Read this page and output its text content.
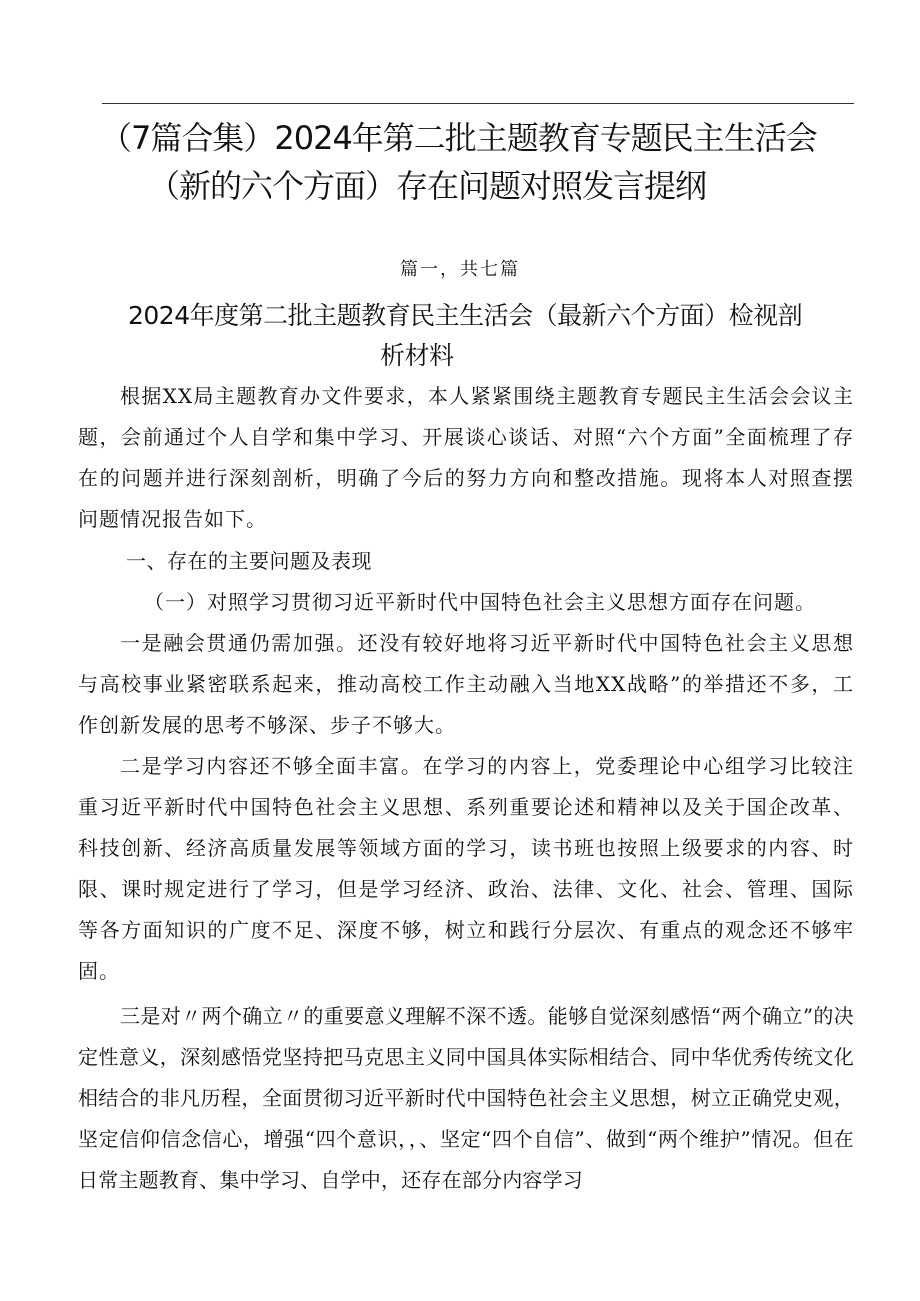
（7篇合集）2024年第二批主题教育专题民主生活会
（新的六个方面）存在问题对照发言提纲
篇一，共七篇
2024年度第二批主题教育民主生活会（最新六个方面）检视剖
析材料

根据XX局主题教育办文件要求，本人紧紧围绕主题教育专题民主生活会会议主题，会前通过个人自学和集中学习、开展谈心谈话、对照“六个方面”全面梳理了存在的问题并进行深刻剖析，明确了今后的努力方向和整改措施。现将本人对照查摆问题情况报告如下。

一、存在的主要问题及表现

（一）对照学习贯彻习近平新时代中国特色社会主义思想方面存在问题。

一是融会贯通仍需加强。还没有较好地将习近平新时代中国特色社会主义思想与高校事业紧密联系起来，推动高校工作主动融入当地XX战略”的举措还不多，工作创新发展的思考不够深、步子不够大。

二是学习内容还不够全面丰富。在学习的内容上，党委理论中心组学习比较注重习近平新时代中国特色社会主义思想、系列重要论述和精神以及关于国企改革、科技创新、经济高质量发展等领域方面的学习，读书班也按照上级要求的内容、时限、课时规定进行了学习，但是学习经济、政治、法律、文化、社会、管理、国际等各方面知识的广度不足、深度不够，树立和践行分层次、有重点的观念还不够牢固。

三是对〃两个确立〃的重要意义理解不深不透。能够自觉深刻感悟“两个确立”的决定性意义，深刻感悟党坚持把马克思主义同中国具体实际相结合、同中华优秀传统文化相结合的非凡历程，全面贯彻习近平新时代中国特色社会主义思想，树立正确党史观，坚定信仰信念信心，增强“四个意识，，、坚定“四个自信”、做到“两个维护”情况。但在日常主题教育、集中学习、自学中，还存在部分内容学习
